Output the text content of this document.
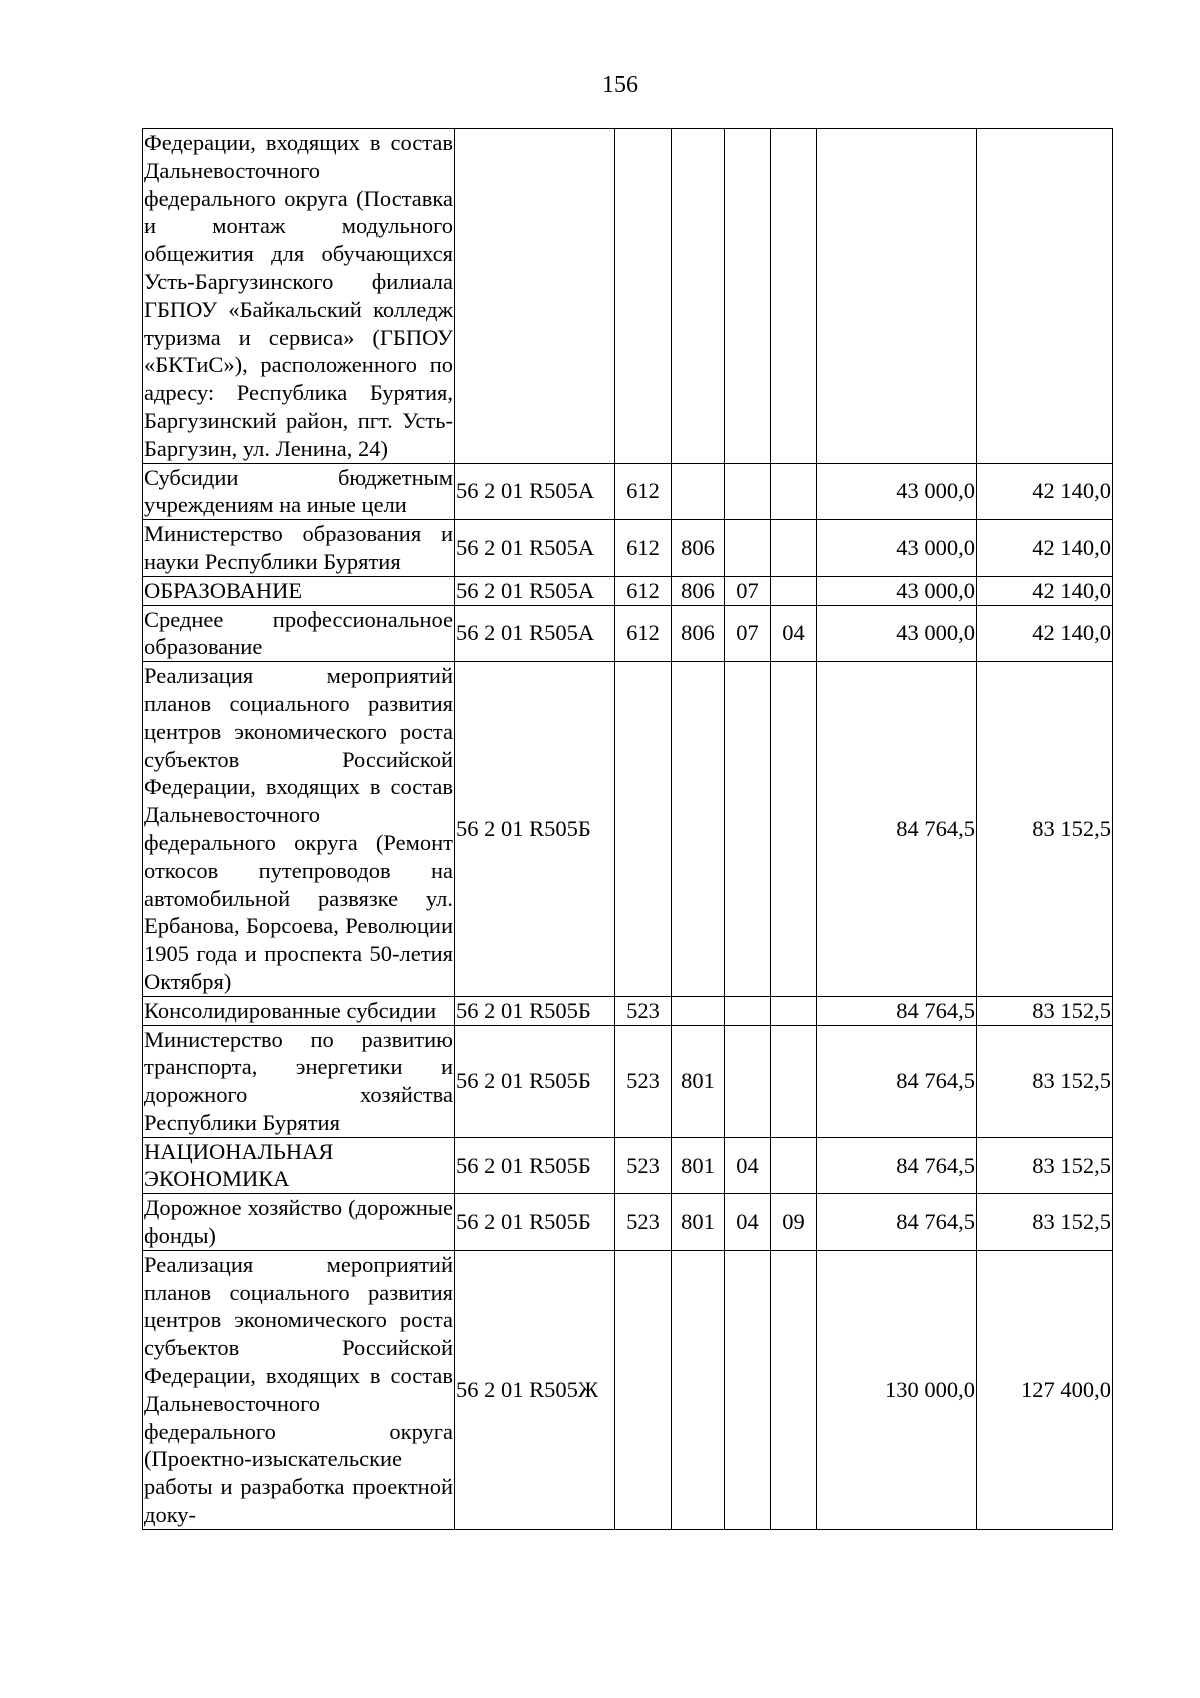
156
Федерации, входящих в состав Дальневосточного федерального округа (Поставка и монтаж модульного общежития для обучающихся Усть-Баргузинского филиала ГБПОУ «Байкальский колледж туризма и сервиса» (ГБПОУ «БКТиС»), расположенного по адресу: Республика Бурятия, Баргузинский район, пгт. Усть-Баргузин, ул. Ленина, 24)							
Субсидии бюджетным учреждениям на иные цели	56 2 01 R505А	612				43 000,0	42 140,0
Министерство образования и науки Республики Бурятия	56 2 01 R505А	612	806			43 000,0	42 140,0
ОБРАЗОВАНИЕ	56 2 01 R505А	612	806	07		43 000,0	42 140,0
Среднее профессиональное образование	56 2 01 R505А	612	806	07	04	43 000,0	42 140,0
Реализация мероприятий планов социального развития центров экономического роста субъектов Российской Федерации, входящих в состав Дальневосточного федерального округа (Ремонт откосов путепроводов на автомобильной развязке ул. Ербанова, Борсоева, Революции 1905 года и проспекта 50-летия Октября)	56 2 01 R505Б					84 764,5	83 152,5
Консолидированные субсидии	56 2 01 R505Б	523				84 764,5	83 152,5
Министерство по развитию транспорта, энергетики и дорожного хозяйства Республики Бурятия	56 2 01 R505Б	523	801			84 764,5	83 152,5
НАЦИОНАЛЬНАЯ ЭКОНОМИКА	56 2 01 R505Б	523	801	04		84 764,5	83 152,5
Дорожное хозяйство (дорожные фонды)	56 2 01 R505Б	523	801	04	09	84 764,5	83 152,5
Реализация мероприятий планов социального развития центров экономического роста субъектов Российской Федерации, входящих в состав Дальневосточного федерального округа (Проектно-изыскательские работы и разработка проектной доку-	56 2 01 R505Ж					130 000,0	127 400,0
